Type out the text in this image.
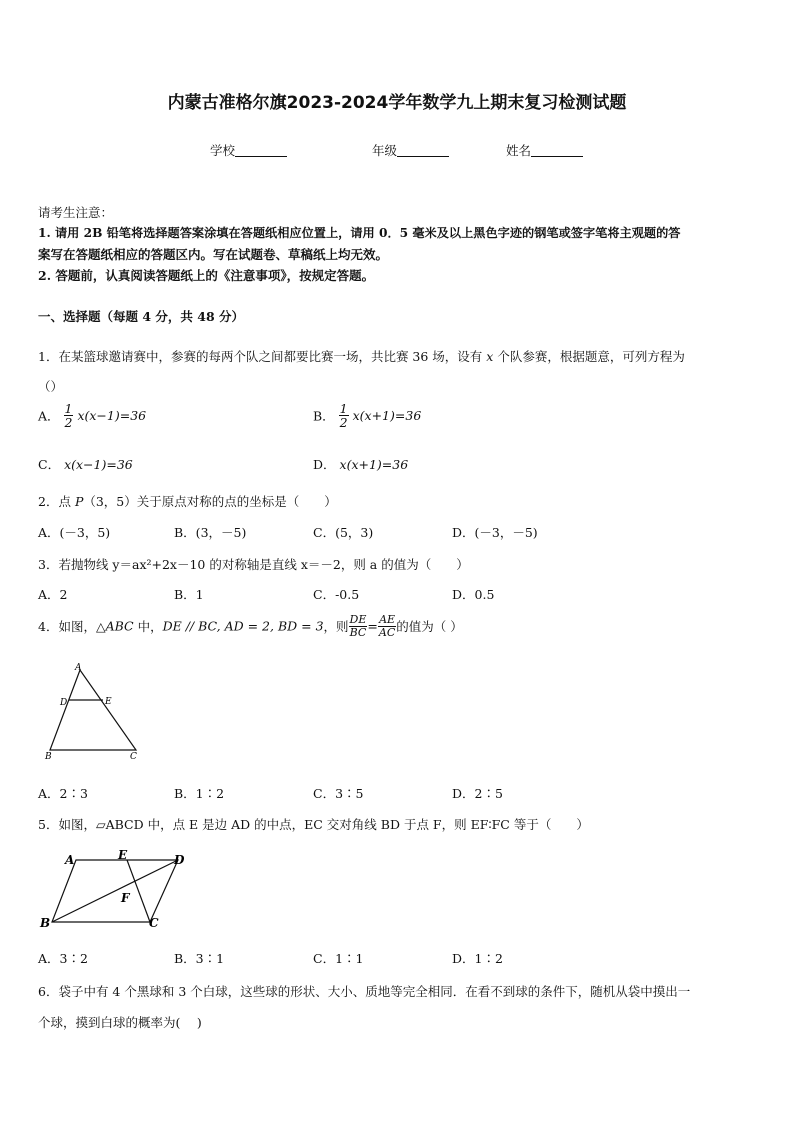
内蒙古准格尔旗2023-2024学年数学九上期末复习检测试题
学校	年级	姓名
请考生注意：
1. 请用 2B 铅笔将选择题答案涂填在答题纸相应位置上，请用 0．5 毫米及以上黑色字迹的钢笔或签字笔将主观题的答
案写在答题纸相应的答题区内。写在试题卷、草稿纸上均无效。
2. 答题前，认真阅读答题纸上的《注意事项》，按规定答题。
一、选择题（每题 4 分，共 48 分）
1．在某篮球邀请赛中，参赛的每两个队之间都要比赛一场，共比赛 36 场，设有 x 个队参赛，根据题意，可列方程为
（）
A． $\frac{1}{2} x(x-1)=36$	B． $\frac{1}{2} x(x+1)=36$
C． x(x−1)=36	D． x(x+1)=36
2．点 P（3，5）关于原点对称的点的坐标是（　　）
A．(－3，5)	B．(3，－5)	C．(5，3)	D．(－3，－5)
3．若抛物线 y＝ax²+2x－10 的对称轴是直线 x＝－2，则 a 的值为（　　）
A．2	B．1	C．-0.5	D．0.5
4．如图，△ABC 中，DE // BC, AD = 2, BD = 3，则 $\frac{DE}{BC} = \frac{AE}{AC}$ 的值为（ ）
A
D	E
B	C
A．2∶3	B．1∶2	C．3∶5	D．2∶5
5．如图，▱ABCD 中，点 E 是边 AD 的中点，EC 交对角线 BD 于点 F，则 EF∶FC 等于（　　）
A	E	D
F
B	C
A．3∶2	B．3∶1	C．1∶1	D．1∶2
6．袋子中有 4 个黑球和 3 个白球，这些球的形状、大小、质地等完全相同．在看不到球的条件下，随机从袋中摸出一
个球，摸到白球的概率为(　 )
